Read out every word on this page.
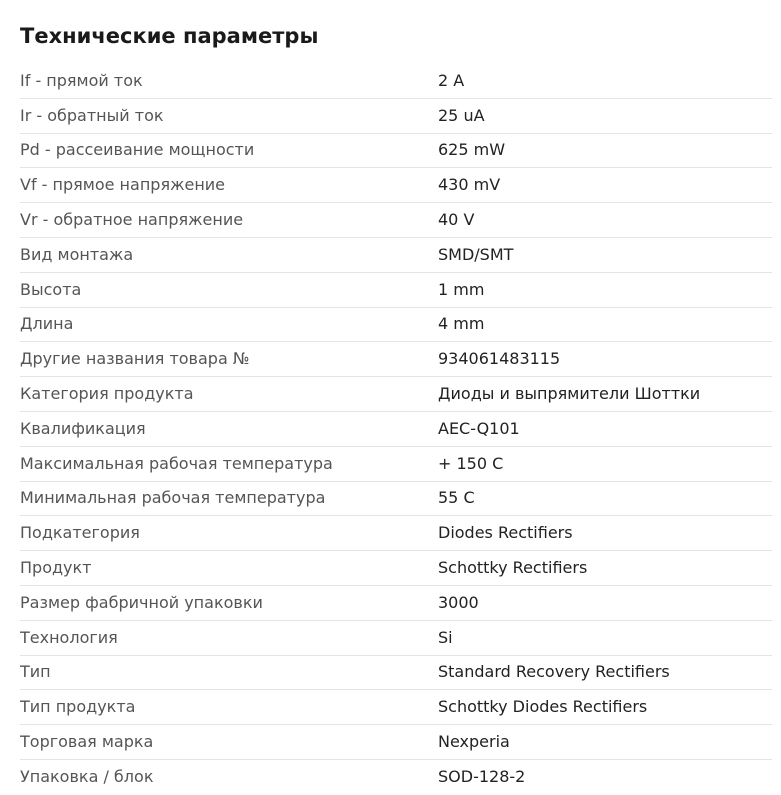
Технические параметры
If - прямой ток	2 A
Ir - обратный ток	25 uA
Pd - рассеивание мощности	625 mW
Vf - прямое напряжение	430 mV
Vr - обратное напряжение	40 V
Вид монтажа	SMD/SMT
Высота	1 mm
Длина	4 mm
Другие названия товара №	934061483115
Категория продукта	Диоды и выпрямители Шоттки
Квалификация	AEC-Q101
Максимальная рабочая температура	+ 150 C
Минимальная рабочая температура	55 C
Подкатегория	Diodes Rectifiers
Продукт	Schottky Rectifiers
Размер фабричной упаковки	3000
Технология	Si
Тип	Standard Recovery Rectifiers
Тип продукта	Schottky Diodes Rectifiers
Торговая марка	Nexperia
Упаковка / блок	SOD-128-2
